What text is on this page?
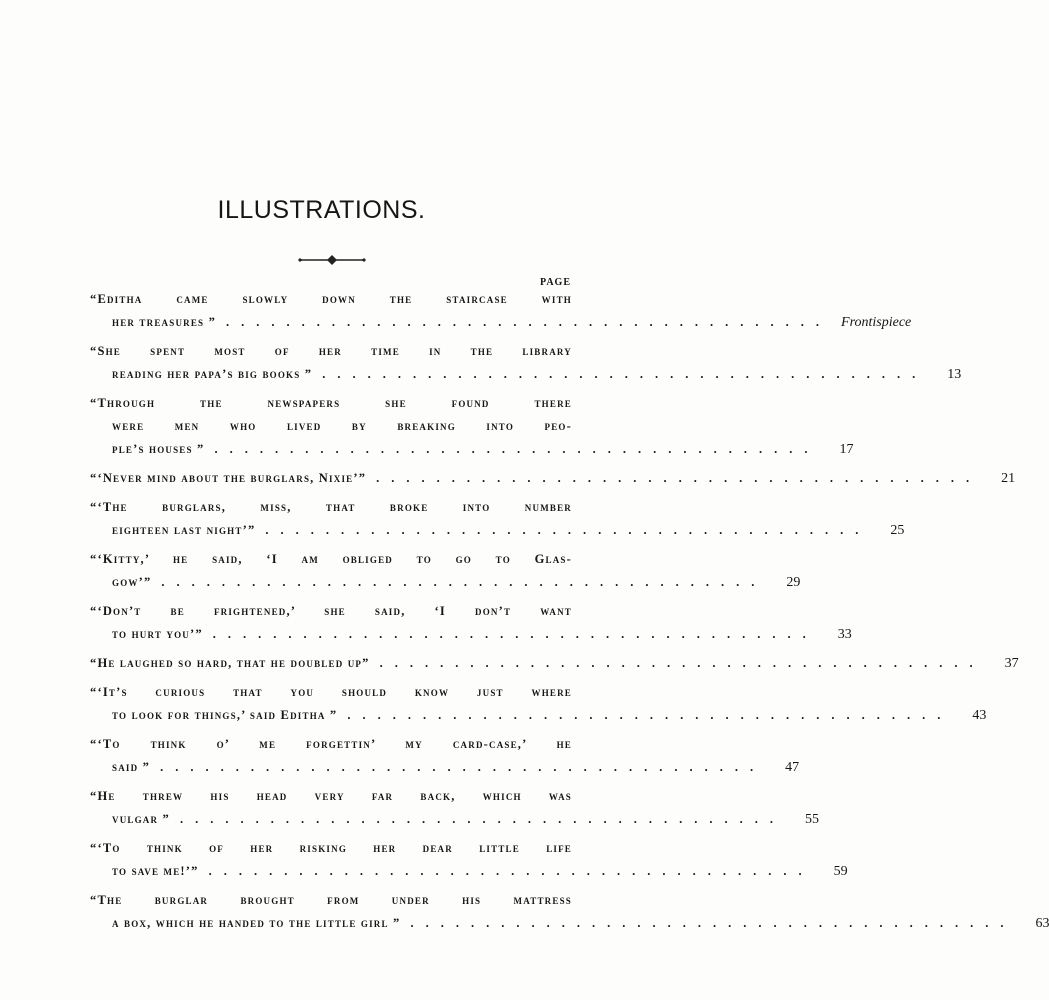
ILLUSTRATIONS.
PAGE
“Editha came slowly down the staircase with
her treasures ” ........................................ Frontispiece
“She spent most of her time in the library
reading her papa’s big books ” ........................................	13
“Through the newspapers she found there
were men who lived by breaking into peo-
ple’s houses ” ........................................	17
“‘Never mind about the burglars, Nixie’” ........................................	21
“‘The burglars, miss, that broke into number
eighteen last night’” ........................................	25
“‘Kitty,’ he said, ‘I am obliged to go to Glas-
gow’” ........................................	29
“‘Don’t be frightened,’ she said, ‘I don’t want
to hurt you’” ........................................	33
“He laughed so hard, that he doubled up” ........................................	37
“‘It’s curious that you should know just where
to look for things,’ said Editha ” ........................................	43
“‘To think o’ me forgettin’ my card-case,’ he
said ” ........................................	47
“He threw his head very far back, which was
vulgar ” ........................................	55
“‘To think of her risking her dear little life
to save me!’” ........................................	59
“The burglar brought from under his mattress
a box, which he handed to the little girl ” ........................................	63
